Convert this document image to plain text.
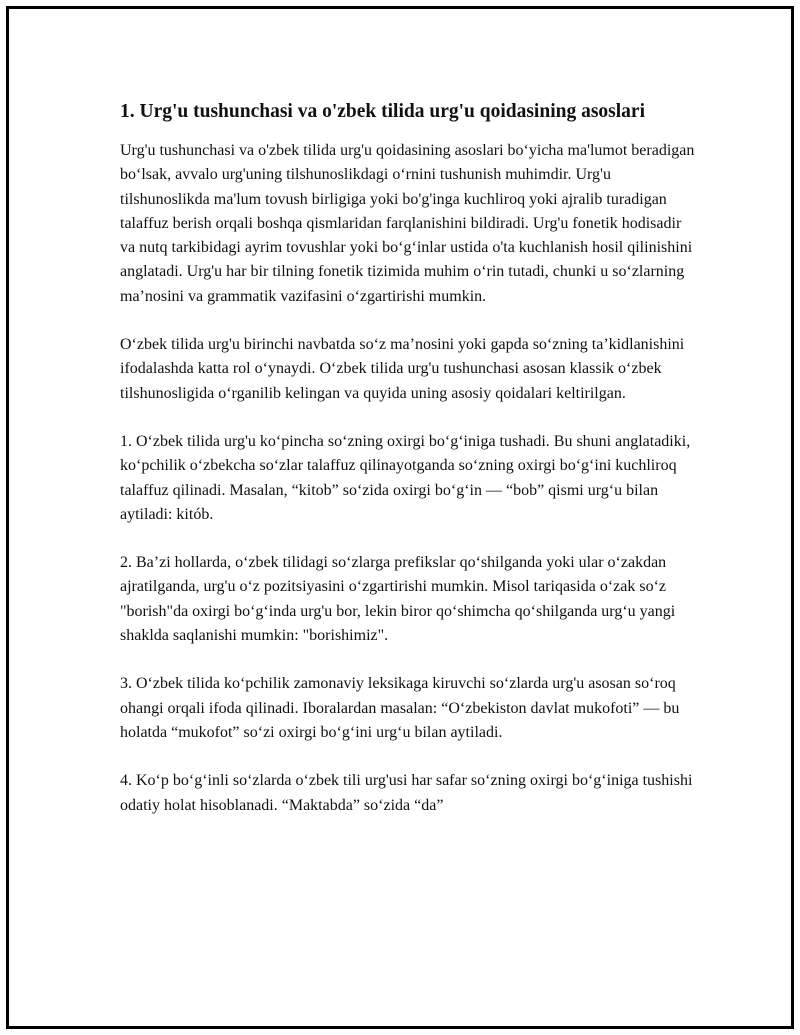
1. Urg'u tushunchasi va o'zbek tilida urg'u qoidasining asoslari

Urg'u tushunchasi va o'zbek tilida urg'u qoidasining asoslari bo‘yicha ma'lumot beradigan bo‘lsak, avvalo urg'uning tilshunoslikdagi o‘rnini tushunish muhimdir. Urg'u tilshunoslikda ma'lum tovush birligiga yoki bo'g'inga kuchliroq yoki ajralib turadigan talaffuz berish orqali boshqa qismlaridan farqlanishini bildiradi. Urg'u fonetik hodisadir va nutq tarkibidagi ayrim tovushlar yoki bo‘g‘inlar ustida o'ta kuchlanish hosil qilinishini anglatadi. Urg'u har bir tilning fonetik tizimida muhim o‘rin tutadi, chunki u so‘zlarning ma’nosini va grammatik vazifasini o‘zgartirishi mumkin.

O‘zbek tilida urg'u birinchi navbatda so‘z ma’nosini yoki gapda so‘zning ta’kidlanishini ifodalashda katta rol o‘ynaydi. O‘zbek tilida urg'u tushunchasi asosan klassik o‘zbek tilshunosligida o‘rganilib kelingan va quyida uning asosiy qoidalari keltirilgan.

1. O‘zbek tilida urg'u ko‘pincha so‘zning oxirgi bo‘g‘iniga tushadi. Bu shuni anglatadiki, ko‘pchilik o‘zbekcha so‘zlar talaffuz qilinayotganda so‘zning oxirgi bo‘g‘ini kuchliroq talaffuz qilinadi. Masalan, “kitob” so‘zida oxirgi bo‘g‘in — “bob” qismi urg‘u bilan aytiladi: kitób.

2. Ba’zi hollarda, o‘zbek tilidagi so‘zlarga prefikslar qo‘shilganda yoki ular o‘zakdan ajratilganda, urg'u o‘z pozitsiyasini o‘zgartirishi mumkin. Misol tariqasida o‘zak so‘z "borish"da oxirgi bo‘g‘inda urg'u bor, lekin biror qo‘shimcha qo‘shilganda urg‘u yangi shaklda saqlanishi mumkin: "borishimiz".

3. O‘zbek tilida ko‘pchilik zamonaviy leksikaga kiruvchi so‘zlarda urg'u asosan so‘roq ohangi orqali ifoda qilinadi. Iboralardan masalan: “O‘zbekiston davlat mukofoti” — bu holatda “mukofot” so‘zi oxirgi bo‘g‘ini urg‘u bilan aytiladi.

4. Ko‘p bo‘g‘inli so‘zlarda o‘zbek tili urg'usi har safar so‘zning oxirgi bo‘g‘iniga tushishi odatiy holat hisoblanadi. “Maktabda” so‘zida “da”
